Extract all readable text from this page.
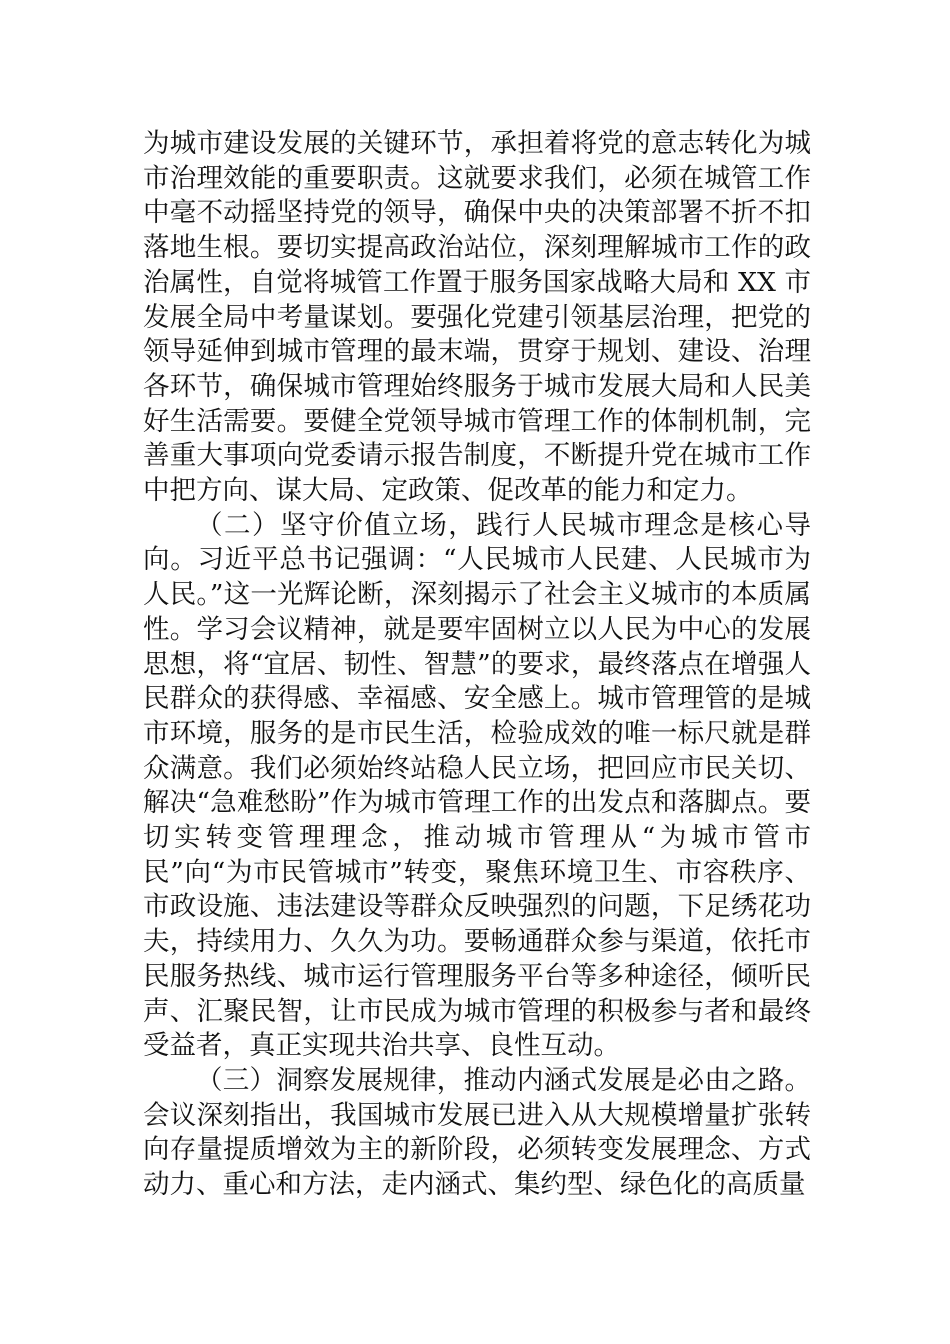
为城市建设发展的关键环节，承担着将党的意志转化为城市治理效能的重要职责。这就要求我们，必须在城管工作中毫不动摇坚持党的领导，确保中央的决策部署不折不扣落地生根。要切实提高政治站位，深刻理解城市工作的政治属性，自觉将城管工作置于服务国家战略大局和 XX 市发展全局中考量谋划。要强化党建引领基层治理，把党的领导延伸到城市管理的最末端，贯穿于规划、建设、治理各环节，确保城市管理始终服务于城市发展大局和人民美好生活需要。要健全党领导城市管理工作的体制机制，完善重大事项向党委请示报告制度，不断提升党在城市工作中把方向、谋大局、定政策、促改革的能力和定力。

（二）坚守价值立场，践行人民城市理念是核心导向。习近平总书记强调：“人民城市人民建、人民城市为人民。”这一光辉论断，深刻揭示了社会主义城市的本质属性。学习会议精神，就是要牢固树立以人民为中心的发展思想，将“宜居、韧性、智慧”的要求，最终落点在增强人民群众的获得感、幸福感、安全感上。城市管理管的是城市环境，服务的是市民生活，检验成效的唯一标尺就是群众满意。我们必须始终站稳人民立场，把回应市民关切、解决“急难愁盼”作为城市管理工作的出发点和落脚点。要切实转变管理理念，推动城市管理从“为城市管市民”向“为市民管城市”转变，聚焦环境卫生、市容秩序、市政设施、违法建设等群众反映强烈的问题，下足绣花功夫，持续用力、久久为功。要畅通群众参与渠道，依托市民服务热线、城市运行管理服务平台等多种途径，倾听民声、汇聚民智，让市民成为城市管理的积极参与者和最终受益者，真正实现共治共享、良性互动。

（三）洞察发展规律，推动内涵式发展是必由之路。会议深刻指出，我国城市发展已进入从大规模增量扩张转向存量提质增效为主的新阶段，必须转变发展理念、方式动力、重心和方法，走内涵式、集约型、绿色化的高质量
